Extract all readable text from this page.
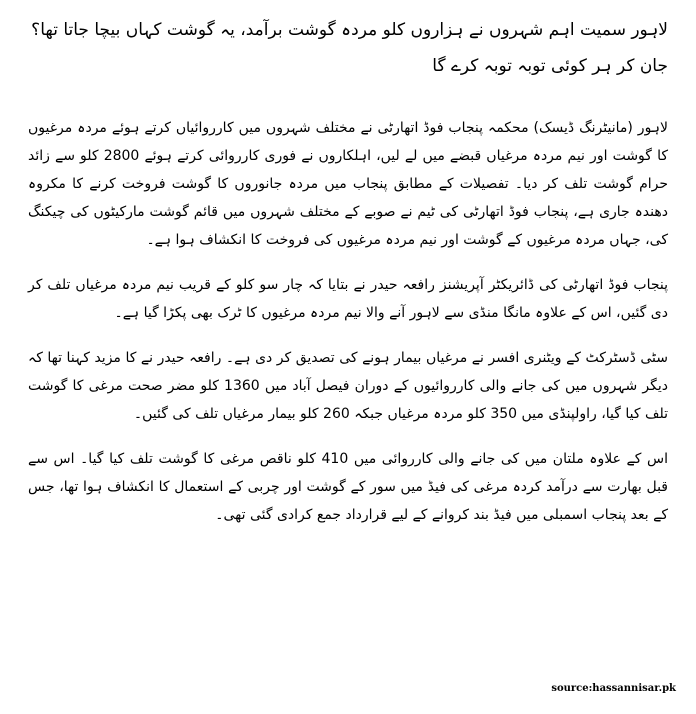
لاہور سمیت اہم شہروں نے ہزاروں کلو مردہ گوشت برآمد، یہ گوشت کہاں بیچا جاتا تھا؟ جان کر ہر کوئی توبہ توبہ کرے گا

لاہور (مانیٹرنگ ڈیسک) محکمہ پنجاب فوڈ اتھارٹی نے مختلف شہروں میں کارروائیاں کرتے ہوئے مردہ مرغیوں کا گوشت اور نیم مردہ مرغیاں قبضے میں لے لیں، اہلکاروں نے فوری کارروائی کرتے ہوئے 2800 کلو سے زائد حرام گوشت تلف کر دیا۔ تفصیلات کے مطابق پنجاب میں مردہ جانوروں کا گوشت فروخت کرنے کا مکروہ دھندہ جاری ہے، پنجاب فوڈ اتھارٹی کی ٹیم نے صوبے کے مختلف شہروں میں قائم گوشت مارکیٹوں کی چیکنگ کی، جہاں مردہ مرغیوں کے گوشت اور نیم مردہ مرغیوں کی فروخت کا انکشاف ہوا ہے۔

پنجاب فوڈ اتھارٹی کی ڈائریکٹر آپریشنز رافعہ حیدر نے بتایا کہ چار سو کلو کے قریب نیم مردہ مرغیاں تلف کر دی گئیں، اس کے علاوہ مانگا منڈی سے لاہور آنے والا نیم مردہ مرغیوں کا ٹرک بھی پکڑا گیا ہے۔

سٹی ڈسٹرکٹ کے ویٹنری افسر نے مرغیاں بیمار ہونے کی تصدیق کر دی ہے۔ رافعہ حیدر نے کا مزید کہنا تھا کہ دیگر شہروں میں کی جانے والی کارروائیوں کے دوران فیصل آباد میں 1360 کلو مضر صحت مرغی کا گوشت تلف کیا گیا، راولپنڈی میں 350 کلو مردہ مرغیاں جبکہ 260 کلو بیمار مرغیاں تلف کی گئیں۔

اس کے علاوہ ملتان میں کی جانے والی کارروائی میں 410 کلو ناقص مرغی کا گوشت تلف کیا گیا۔ اس سے قبل بھارت سے درآمد کردہ مرغی کی فیڈ میں سور کے گوشت اور چربی کے استعمال کا انکشاف ہوا تھا، جس کے بعد پنجاب اسمبلی میں فیڈ بند کروانے کے لیے قرارداد جمع کرادی گئی تھی۔

source:hassannisar.pk
